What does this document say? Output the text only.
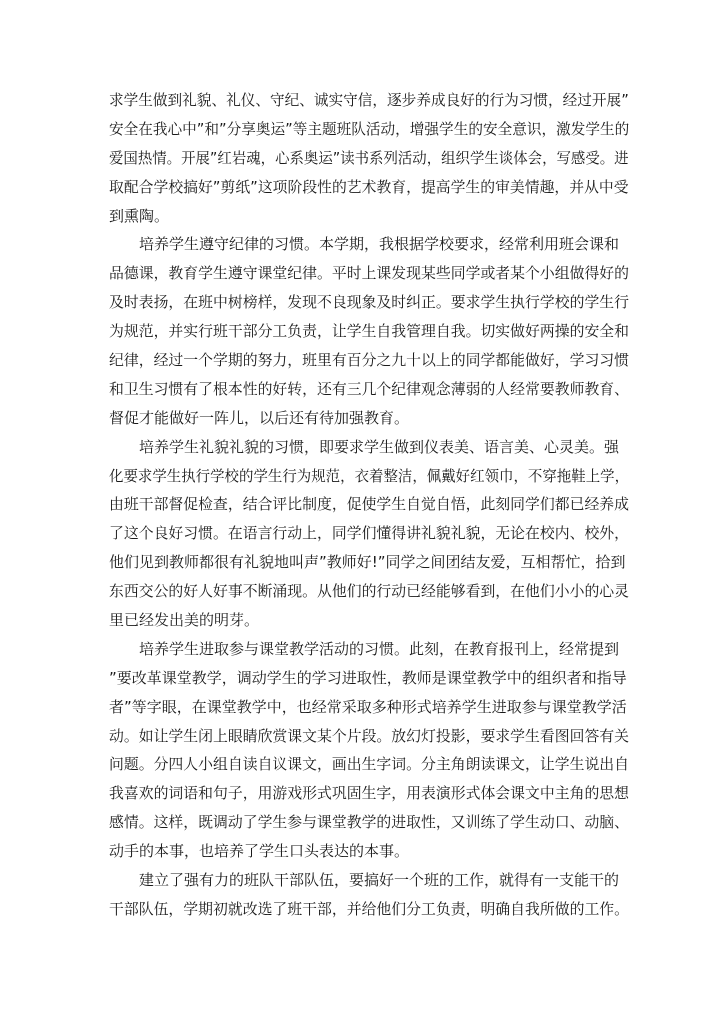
求学生做到礼貌、礼仪、守纪、诚实守信，逐步养成良好的行为习惯，经过开展”
安全在我心中”和”分享奥运”等主题班队活动，增强学生的安全意识，激发学生的
爱国热情。开展”红岩魂，心系奥运”读书系列活动，组织学生谈体会，写感受。进
取配合学校搞好”剪纸”这项阶段性的艺术教育，提高学生的审美情趣，并从中受
到熏陶。
培养学生遵守纪律的习惯。本学期，我根据学校要求，经常利用班会课和
品德课，教育学生遵守课堂纪律。平时上课发现某些同学或者某个小组做得好的
及时表扬，在班中树榜样，发现不良现象及时纠正。要求学生执行学校的学生行
为规范，并实行班干部分工负责，让学生自我管理自我。切实做好两操的安全和
纪律，经过一个学期的努力，班里有百分之九十以上的同学都能做好，学习习惯
和卫生习惯有了根本性的好转，还有三几个纪律观念薄弱的人经常要教师教育、
督促才能做好一阵儿，以后还有待加强教育。
培养学生礼貌礼貌的习惯，即要求学生做到仪表美、语言美、心灵美。强
化要求学生执行学校的学生行为规范，衣着整洁，佩戴好红领巾，不穿拖鞋上学，
由班干部督促检查，结合评比制度，促使学生自觉自悟，此刻同学们都已经养成
了这个良好习惯。在语言行动上，同学们懂得讲礼貌礼貌，无论在校内、校外，
他们见到教师都很有礼貌地叫声”教师好!”同学之间团结友爱，互相帮忙，拾到
东西交公的好人好事不断涌现。从他们的行动已经能够看到，在他们小小的心灵
里已经发出美的明芽。
培养学生进取参与课堂教学活动的习惯。此刻，在教育报刊上，经常提到
”要改革课堂教学，调动学生的学习进取性，教师是课堂教学中的组织者和指导
者”等字眼，在课堂教学中，也经常采取多种形式培养学生进取参与课堂教学活
动。如让学生闭上眼睛欣赏课文某个片段。放幻灯投影，要求学生看图回答有关
问题。分四人小组自读自议课文，画出生字词。分主角朗读课文，让学生说出自
我喜欢的词语和句子，用游戏形式巩固生字，用表演形式体会课文中主角的思想
感情。这样，既调动了学生参与课堂教学的进取性，又训练了学生动口、动脑、
动手的本事，也培养了学生口头表达的本事。
建立了强有力的班队干部队伍，要搞好一个班的工作，就得有一支能干的
干部队伍，学期初就改选了班干部，并给他们分工负责，明确自我所做的工作。
